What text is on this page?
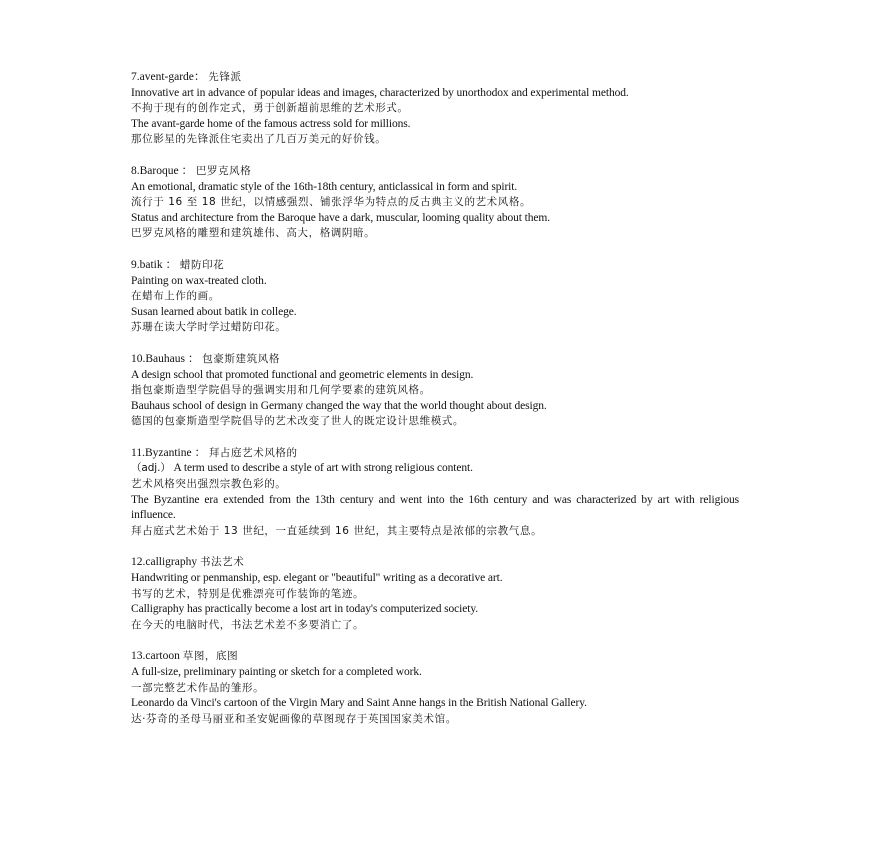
7.avent-garde： 先锋派
Innovative art in advance of popular ideas and images, characterized by unorthodox and experimental method.
不拘于现有的创作定式，勇于创新超前思维的艺术形式。
The avant-garde home of the famous actress sold for millions.
那位影星的先锋派住宅卖出了几百万美元的好价钱。
8.Baroque ： 巴罗克风格
An emotional, dramatic style of the 16th-18th century, anticlassical in form and spirit.
流行于 16 至 18 世纪，以情感强烈、铺张浮华为特点的反古典主义的艺术风格。
Status and architecture from the Baroque have a dark, muscular, looming quality about them.
巴罗克风格的雕塑和建筑雄伟、高大，格调阴暗。
9.batik ： 蜡防印花
Painting on wax-treated cloth.
在蜡布上作的画。
Susan learned about batik in college.
苏珊在读大学时学过蜡防印花。
10.Bauhaus ： 包豪斯建筑风格
A design school that promoted functional and geometric elements in design.
指包豪斯造型学院倡导的强调实用和几何学要素的建筑风格。
Bauhaus school of design in Germany changed the way that the world thought about design.
德国的包豪斯造型学院倡导的艺术改变了世人的既定设计思维模式。
11.Byzantine ： 拜占庭艺术风格的
（adj.） A term used to describe a style of art with strong religious content.
艺术风格突出强烈宗教色彩的。
The Byzantine era extended from the 13th century and went into the 16th century and was characterized by art with religious influence.
拜占庭式艺术始于 13 世纪，一直延续到 16 世纪，其主要特点是浓郁的宗教气息。
12.calligraphy 书法艺术
Handwriting or penmanship, esp. elegant or "beautiful" writing as a decorative art.
书写的艺术，特别是优雅漂亮可作装饰的笔迹。
Calligraphy has practically become a lost art in today's computerized society.
在今天的电脑时代，书法艺术差不多要消亡了。
13.cartoon 草图，底图
A full-size, preliminary painting or sketch for a completed work.
一部完整艺术作品的雏形。
Leonardo da Vinci's cartoon of the Virgin Mary and Saint Anne hangs in the British National Gallery.
达·芬奇的圣母马丽亚和圣安妮画像的草图现存于英国国家美术馆。
